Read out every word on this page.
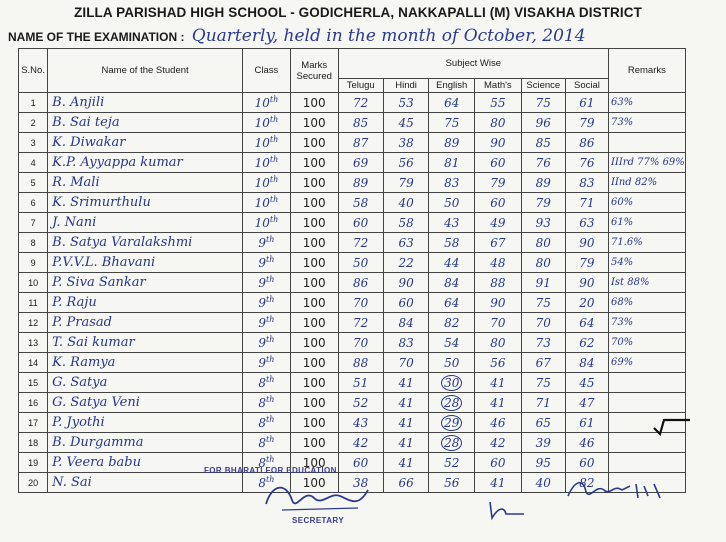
ZILLA PARISHAD HIGH SCHOOL - GODICHERLA, NAKKAPALLI (M) VISAKHA DISTRICT
NAME OF THE EXAMINATION : Quarterly, held in the month of October, 2014
S.No.	Name of the Student	Class	Marks Secured	Subject Wise						Remarks	
				Telugu	Hindi	English	Math's	Science	Social		
1	B. Anjili	10th	100	72	53	64	55	75	61	63%	
2	B. Sai teja	10th	100	85	45	75	80	96	79	73%	
3	K. Diwakar	10th	100	87	38	89	90	85	86		
4	K.P. Ayyappa kumar	10th	100	69	56	81	60	76	76	IIIrd 77% 69%	
5	R. Mali	10th	100	89	79	83	79	89	83	IInd 82%	
6	K. Srimurthulu	10th	100	58	40	50	60	79	71	60%	
7	J. Nani	10th	100	60	58	43	49	93	63	61%	
8	B. Satya Varalakshmi	9th	100	72	63	58	67	80	90	71.6%	
9	P.V.V.L. Bhavani	9th	100	50	22	44	48	80	79	54%	
10	P. Siva Sankar	9th	100	86	90	84	88	91	90	Ist 88%	
11	P. Raju	9th	100	70	60	64	90	75	20	68%	
12	P. Prasad	9th	100	72	84	82	70	70	64	73%	
13	T. Sai kumar	9th	100	70	83	54	80	73	62	70%	
14	K. Ramya	9th	100	88	70	50	56	67	84	69%	
15	G. Satya	8th	100	51	41	30	41	75	45		
16	G. Satya Veni	8th	100	52	41	28	41	71	47		
17	P. Jyothi	8th	100	43	41	29	46	65	61		
18	B. Durgamma	8th	100	42	41	28	42	39	46		
19	P. Veera babu	8th	100	60	41	52	60	95	60		
20	N. Sai	8th	100	38	66	56	41	40	82		
FOR BHARATI FOR EDUCATION
SECRETARY
